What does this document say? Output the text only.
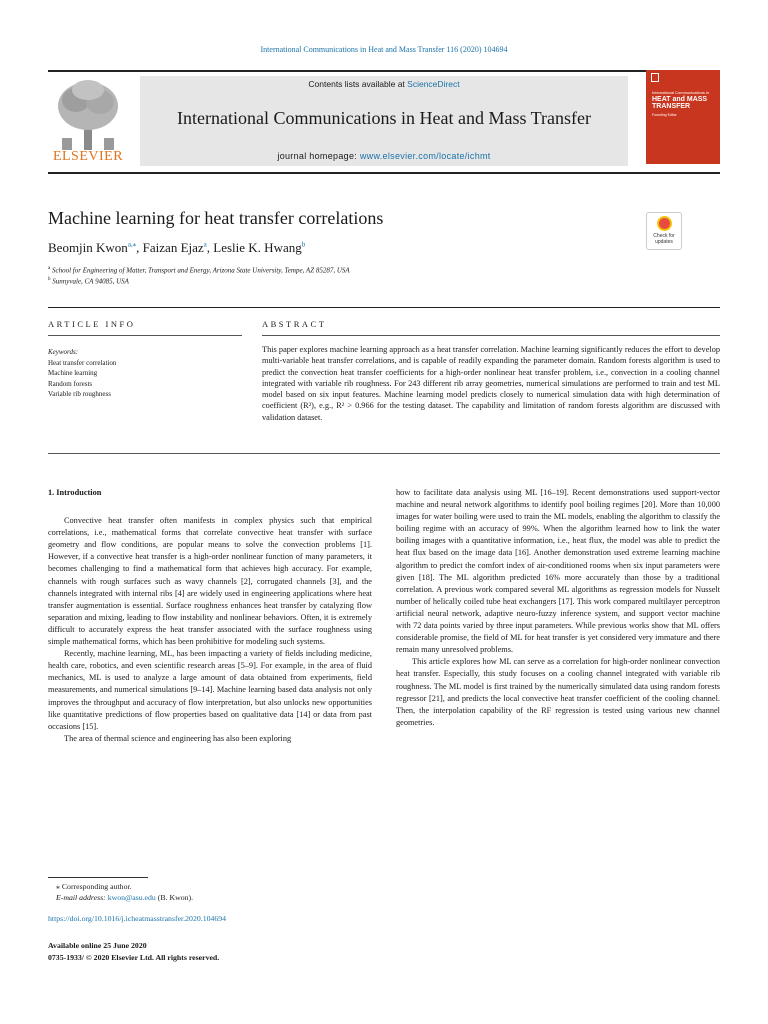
International Communications in Heat and Mass Transfer 116 (2020) 104694
ELSEVIER
Contents lists available at ScienceDirect
International Communications in Heat and Mass Transfer
journal homepage: www.elsevier.com/locate/ichmt
International Communications in
HEAT and MASS TRANSFER
Founding Editor
Machine learning for heat transfer correlations
Check for updates
Beomjin Kwon$^{a,⁎}$, Faizan Ejaz$^a$, Leslie K. Hwang$^b$
$^a$ School for Engineering of Matter, Transport and Energy, Arizona State University, Tempe, AZ 85287, USA
$^b$ Sunnyvale, CA 94085, USA
ARTICLE INFO	ABSTRACT
Keywords:
Heat transfer correlation
Machine learning
Random forests
Variable rib roughness
This paper explores machine learning approach as a heat transfer correlation. Machine learning significantly reduces the effort to develop multi-variable heat transfer correlations, and is capable of readily expanding the parameter domain. Random forests algorithm is used to predict the convection heat transfer coefficients for a high-order nonlinear heat transfer problem, i.e., convection in a cooling channel integrated with variable rib roughness. For 243 different rib array geometries, numerical simulations are performed to train and test ML model based on six input features. Machine learning model predicts closely to numerical simulation data with high determination of coefficient (R²), e.g., R² > 0.966 for the testing dataset. The capability and limitation of random forests algorithm are discussed with validation dataset.
1. Introduction
Convective heat transfer often manifests in complex physics such that empirical correlations, i.e., mathematical forms that correlate convective heat transfer with surface geometry and flow conditions, are popular means to solve the convection problems [1]. However, if a convective heat transfer is a high-order nonlinear function of many parameters, it becomes challenging to find a mathematical form that achieves high accuracy. For example, channels with rough surfaces such as wavy channels [2], corrugated channels [3], and the channels integrated with internal ribs [4] are widely used in engineering applications where heat transfer augmentation is essential. Surface roughness enhances heat transfer by catalyzing flow separation and mixing, leading to flow instability and nonlinear behaviors. Often, it is extremely difficult to accurately express the heat transfer associated with the surface roughness using simple mathematical forms, which has been prohibitive for modeling such systems.
Recently, machine learning, ML, has been impacting a variety of fields including medicine, health care, robotics, and even scientific research areas [5–9]. For example, in the area of fluid mechanics, ML is used to analyze a large amount of data obtained from experiments, field measurements, and numerical simulations [9–14]. Machine learning based data analysis not only improves the throughput and accuracy of flow interpretation, but also unlocks new opportunities like quantitative predictions of flow properties based on qualitative data [14] or data from past occasions [15].
The area of thermal science and engineering has also been exploring
how to facilitate data analysis using ML [16–19]. Recent demonstrations used support-vector machine and neural network algorithms to identify pool boiling regimes [20]. More than 10,000 images for water boiling were used to train the ML models, enabling the algorithm to classify the boiling regime with an accuracy of 99%. When the algorithm learned how to link the water boiling images with a quantitative information, i.e., heat flux, the model was able to predict the heat flux based on the image data [16]. Another demonstration used extreme learning machine algorithm to predict the comfort index of air-conditioned rooms when six input parameters were given [18]. The ML algorithm predicted 16% more accurately than those by a traditional correlation. A previous work compared several ML algorithms as regression models for Nusselt number of helically coiled tube heat exchangers [17]. This work compared multilayer perceptron artificial neural network, adaptive neuro-fuzzy inference system, and support vector machine with 72 data points varied by three input parameters. While previous works show that ML offers considerable promise, the field of ML for heat transfer is yet considered very immature and there remain many unresolved problems.
This article explores how ML can serve as a correlation for high-order nonlinear convection heat transfer. Especially, this study focuses on a cooling channel integrated with variable rib roughness. The ML model is first trained by the numerically simulated data using random forests regressor [21], and predicts the local convective heat transfer coefficient of the cooling channel. Then, the interpolation capability of the RF regression is tested using various new channel geometries.
⁎ Corresponding author.
E-mail address: kwon@asu.edu (B. Kwon).
https://doi.org/10.1016/j.icheatmasstransfer.2020.104694
Available online 25 June 2020
0735-1933/ © 2020 Elsevier Ltd. All rights reserved.
